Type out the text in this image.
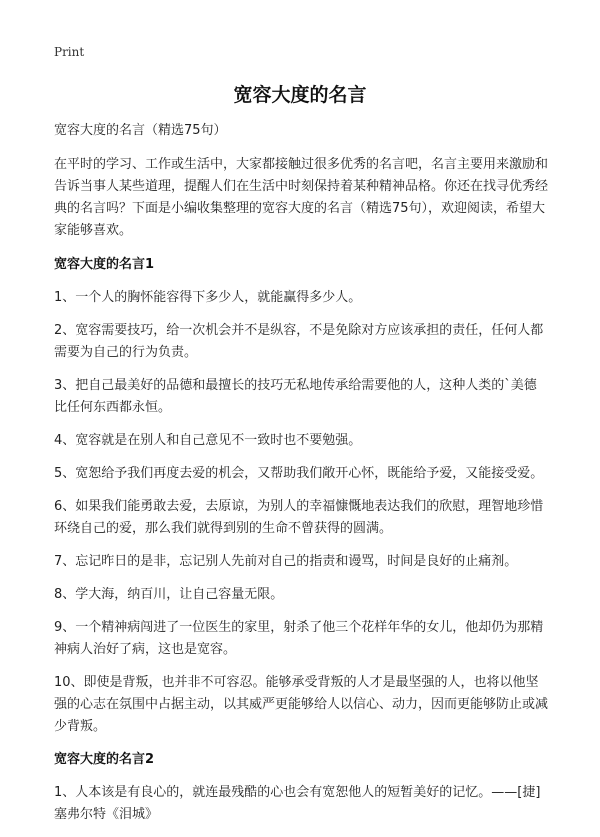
Print
宽容大度的名言

宽容大度的名言（精选75句）

在平时的学习、工作或生活中，大家都接触过很多优秀的名言吧，名言主要用来激励和告诉当事人某些道理，提醒人们在生活中时刻保持着某种精神品格。你还在找寻优秀经典的名言吗？下面是小编收集整理的宽容大度的名言（精选75句），欢迎阅读，希望大家能够喜欢。

宽容大度的名言1

1、一个人的胸怀能容得下多少人，就能赢得多少人。

2、宽容需要技巧，给一次机会并不是纵容，不是免除对方应该承担的责任，任何人都需要为自己的行为负责。

3、把自己最美好的品德和最擅长的技巧无私地传承给需要他的人，这种人类的`美德比任何东西都永恒。

4、宽容就是在别人和自己意见不一致时也不要勉强。

5、宽恕给予我们再度去爱的机会，又帮助我们敞开心怀，既能给予爱，又能接受爱。

6、如果我们能勇敢去爱，去原谅，为别人的幸福慷慨地表达我们的欣慰，理智地珍惜环绕自己的爱，那么我们就得到别的生命不曾获得的圆满。

7、忘记昨日的是非，忘记别人先前对自己的指责和谩骂，时间是良好的止痛剂。

8、学大海，纳百川，让自己容量无限。

9、一个精神病闯进了一位医生的家里，射杀了他三个花样年华的女儿，他却仍为那精神病人治好了病，这也是宽容。

10、即使是背叛，也并非不可容忍。能够承受背叛的人才是最坚强的人，也将以他坚强的心志在氛围中占据主动，以其威严更能够给人以信心、动力，因而更能够防止或减少背叛。

宽容大度的名言2

1、人本该是有良心的，就连最残酷的心也会有宽恕他人的短暂美好的记忆。——[捷]塞弗尔特《泪城》
